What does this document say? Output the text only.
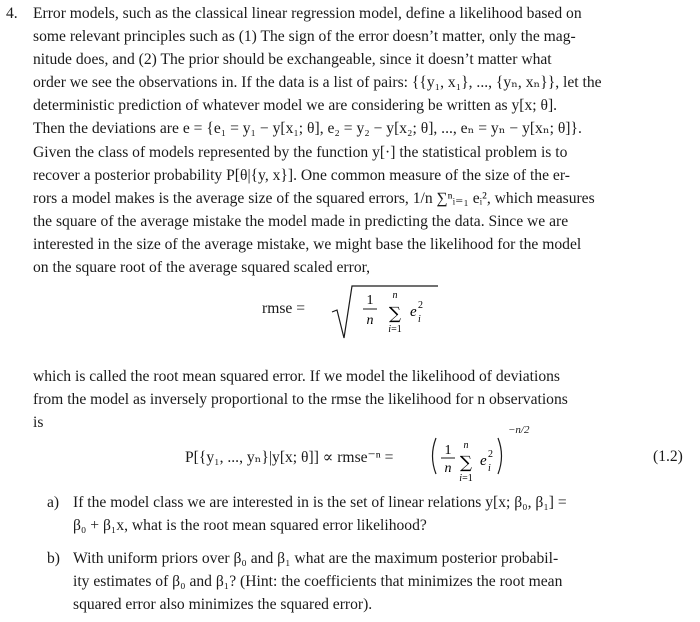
4. Error models, such as the classical linear regression model, define a likelihood based on
some relevant principles such as (1) The sign of the error doesn’t matter, only the mag-
nitude does, and (2) The prior should be exchangeable, since it doesn’t matter what
order we see the observations in. If the data is a list of pairs: {{y₁, x₁}, ..., {yₙ, xₙ}}, let the
deterministic prediction of whatever model we are considering be written as y[x; θ].
Then the deviations are e = {e₁ = y₁ − y[x₁; θ], e₂ = y₂ − y[x₂; θ], ..., eₙ = yₙ − y[xₙ; θ]}.
Given the class of models represented by the function y[·] the statistical problem is to
recover a posterior probability P[θ|{y, x}]. One common measure of the size of the er-
rors a model makes is the average size of the squared errors, 1/n ∑ⁿᵢ₌₁ eᵢ², which measures
the square of the average mistake the model made in predicting the data. Since we are
interested in the size of the average mistake, we might base the likelihood for the model
on the square root of the average squared scaled error,
rmse =	1
n
n
∑
i=1
e 2
i
which is called the root mean squared error. If we model the likelihood of deviations
from the model as inversely proportional to the rmse the likelihood for n observations
is
P[{y₁, ..., yₙ}|y[x; θ]] ∝ rmse⁻ⁿ =	1
n
n
∑
i=1
e 2
i
−n/2
(1.2)
a) If the model class we are interested in is the set of linear relations y[x; β₀, β₁] =
β₀ + β₁x, what is the root mean squared error likelihood?
b) With uniform priors over β₀ and β₁ what are the maximum posterior probabil-
ity estimates of β₀ and β₁? (Hint: the coefficients that minimizes the root mean
squared error also minimizes the squared error).
